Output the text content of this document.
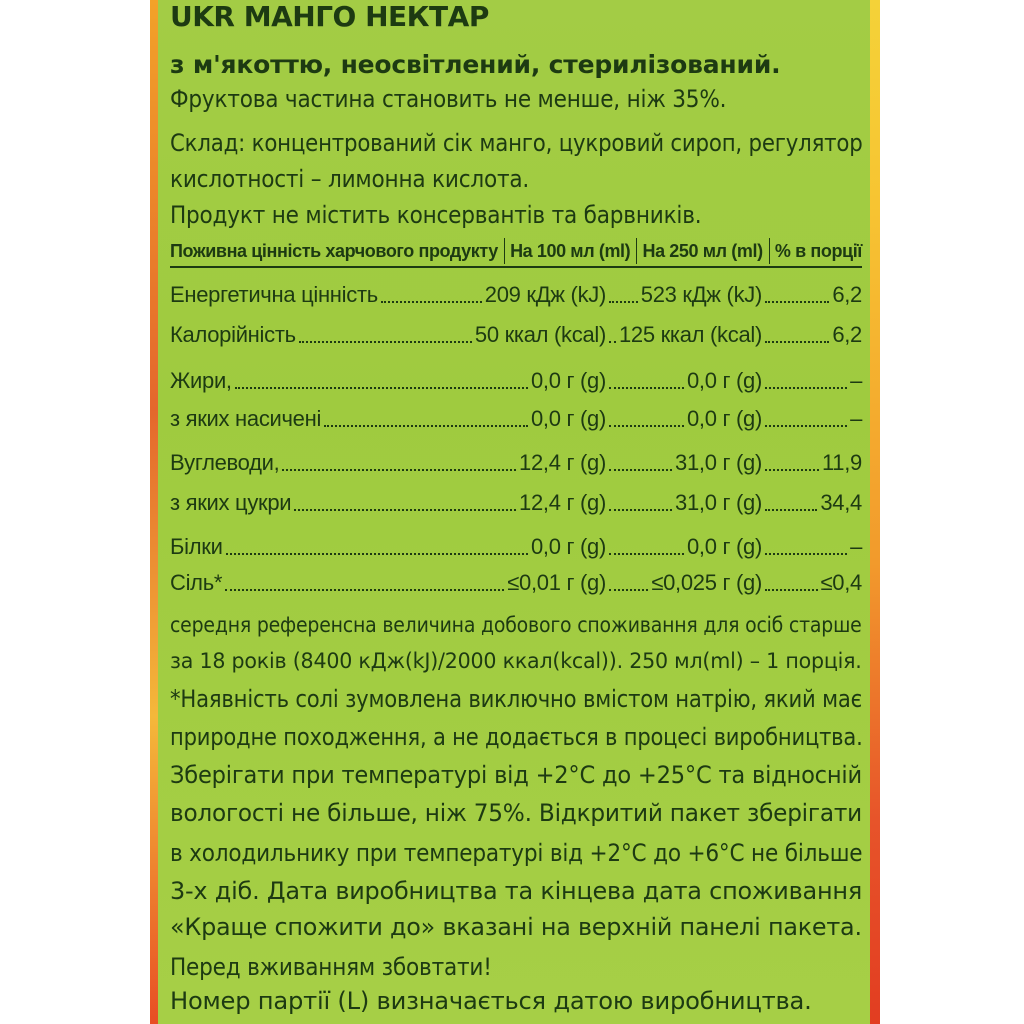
UKR МАНГО НЕКТАР

з м'якоттю, неосвітлений, стерилізований.

Фруктова частина становить не менше, ніж 35%.

Склад: концентрований сік манго, цукровий сироп, регулятор

кислотності – лимонна кислота.

Продукт не містить консервантів та барвників.

Поживна цінність харчового продукту На 100 мл (ml) На 250 мл (ml) % в порції
Енергетична цінність	209 кДж (kJ) 523 кДж (kJ)	6,2
Калорійність	50 ккал (kcal) 125 ккал (kcal)	6,2
Жири,	0,0 г (g)	0,0 г (g)	–
з яких насичені	0,0 г (g)	0,0 г (g)	–
Вуглеводи,	12,4 г (g)	31,0 г (g)	11,9
з яких цукри	12,4 г (g)	31,0 г (g)	34,4
Білки	0,0 г (g)	0,0 г (g)	–
Сіль*	≤0,01 г (g) ≤0,025 г (g)	≤0,4

середня референсна величина добового споживання для осіб старше

за 18 років (8400 кДж(kJ)/2000 ккал(kcal)). 250 мл(ml) – 1 порція.

*Наявність солі зумовлена виключно вмістом натрію, який має

природне походження, а не додається в процесі виробництва.

Зберігати при температурі від +2°С до +25°С та відносній

вологості не більше, ніж 75%. Відкритий пакет зберігати

в холодильнику при температурі від +2°С до +6°С не більше

3-х діб. Дата виробництва та кінцева дата споживання

«Краще спожити до» вказані на верхній панелі пакета.

Перед вживанням збовтати!

Номер партії (L) визначається датою виробництва.
